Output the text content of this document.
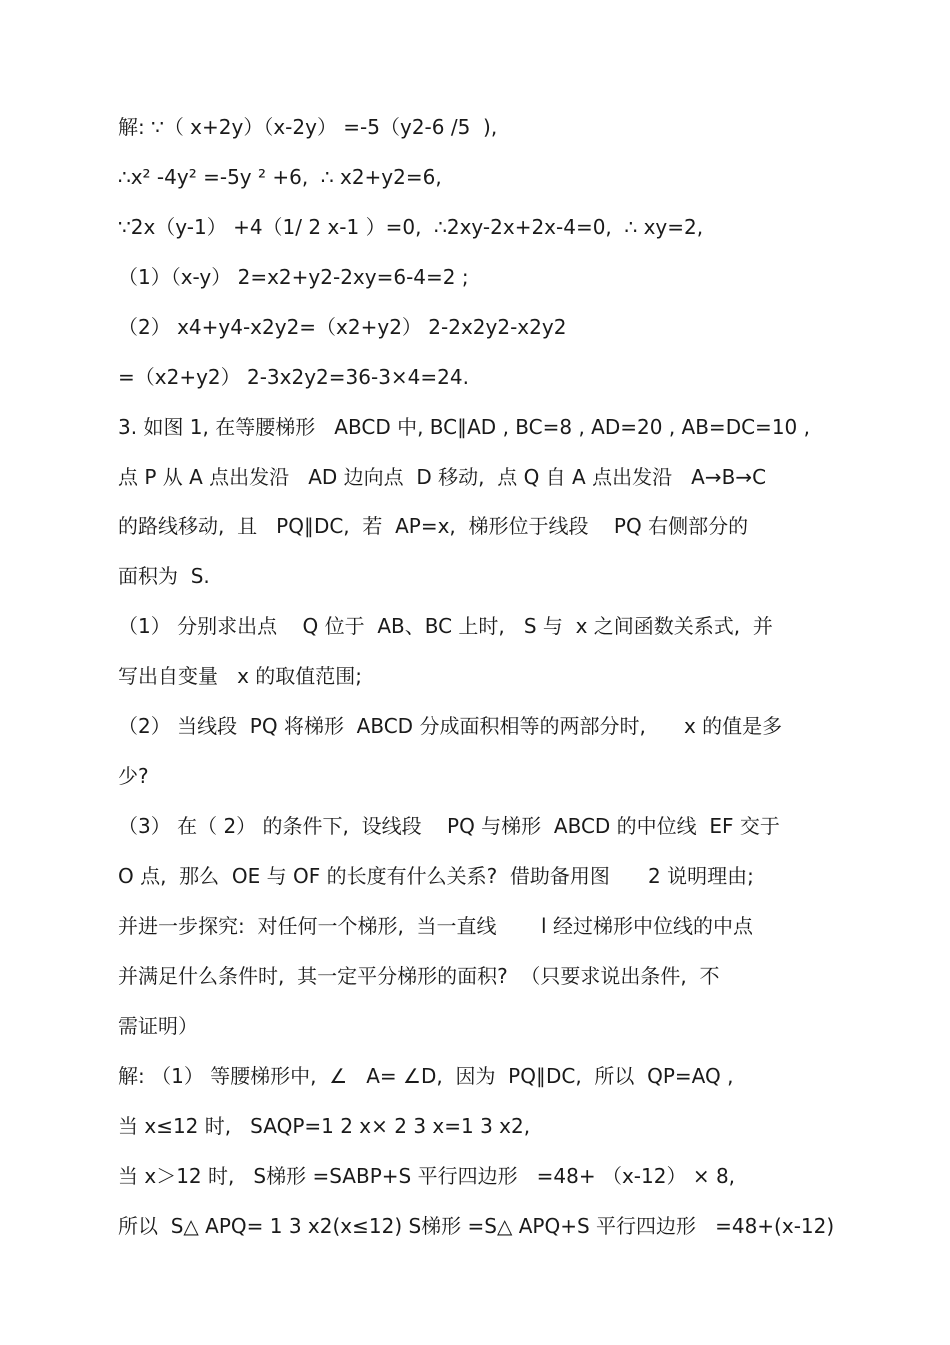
解: ∵（ x+2y）（x-2y） =-5（y2-6 /5  ),
∴x² -4y² =-5y ² +6,  ∴ x2+y2=6,
∵2x（y-1） +4（1/ 2 x-1 ）=0,  ∴2xy-2x+2x-4=0,  ∴ xy=2,
（1）（x-y） 2=x2+y2-2xy=6-4=2 ;
（2） x4+y4-x2y2=（x2+y2） 2-2x2y2-x2y2
=（x2+y2） 2-3x2y2=36-3×4=24.
3. 如图 1, 在等腰梯形   ABCD 中, BC∥AD , BC=8 , AD=20 , AB=DC=10 ,
点 P 从 A 点出发沿   AD 边向点  D 移动,  点 Q 自 A 点出发沿   A→B→C
的路线移动,  且   PQ∥DC,  若  AP=x,  梯形位于线段    PQ 右侧部分的
面积为  S.
（1） 分别求出点    Q 位于  AB、BC 上时,   S 与  x 之间函数关系式,  并
写出自变量   x 的取值范围;
（2） 当线段  PQ 将梯形  ABCD 分成面积相等的两部分时,      x 的值是多
少?
（3） 在（ 2） 的条件下,  设线段    PQ 与梯形  ABCD 的中位线  EF 交于
O 点,  那么  OE 与 OF 的长度有什么关系?  借助备用图      2 说明理由;
并进一步探究:  对任何一个梯形,  当一直线       l 经过梯形中位线的中点
并满足什么条件时,  其一定平分梯形的面积?  （只要求说出条件,  不
需证明）
解: （1） 等腰梯形中,  ∠   A= ∠D,  因为  PQ∥DC,  所以  QP=AQ ,
当 x≤12 时,   SAQP=1 2 x× 2 3 x=1 3 x2,
当 x＞12 时,   S梯形 =SABP+S 平行四边形   =48+ （x-12） × 8,
所以  S△ APQ= 1 3 x2(x≤12) S梯形 =S△ APQ+S 平行四边形   =48+(x-12)
